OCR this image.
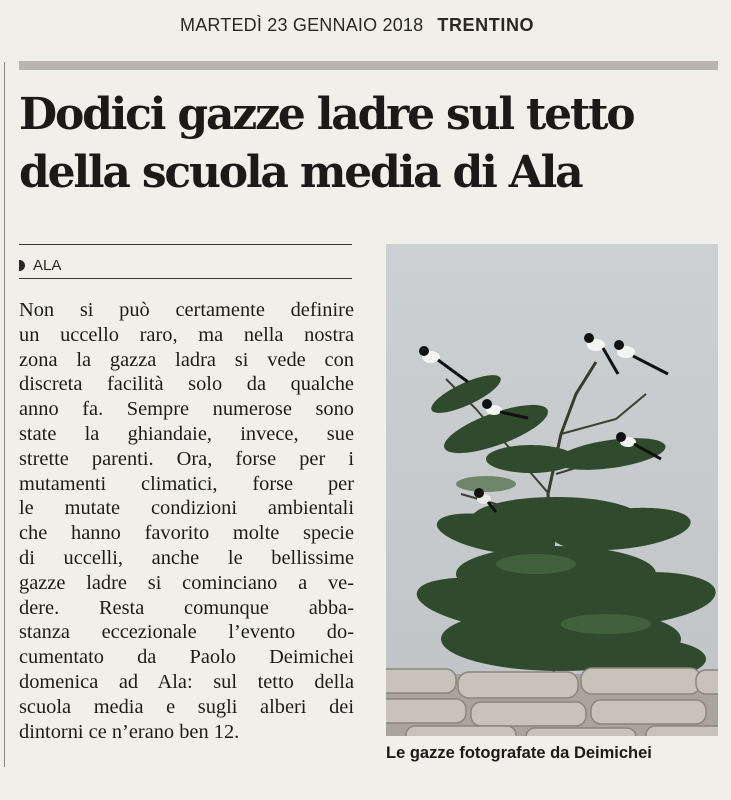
MARTEDÌ 23 GENNAIO 2018 TRENTINO
Dodici gazze ladre sul tetto
della scuola media di Ala
ALA

Non si può certamente definire
un uccello raro, ma nella nostra
zona la gazza ladra si vede con
discreta facilità solo da qualche
anno fa. Sempre numerose sono
state la ghiandaie, invece, sue
strette parenti. Ora, forse per i
mutamenti climatici, forse per
le mutate condizioni ambientali
che hanno favorito molte specie
di uccelli, anche le bellissime
gazze ladre si cominciano a ve-
dere. Resta comunque abba-
stanza eccezionale l’evento do-
cumentato da Paolo Deimichei
domenica ad Ala: sul tetto della
scuola media e sugli alberi dei
dintorni ce n’erano ben 12.

Le gazze fotografate da Deimichei
